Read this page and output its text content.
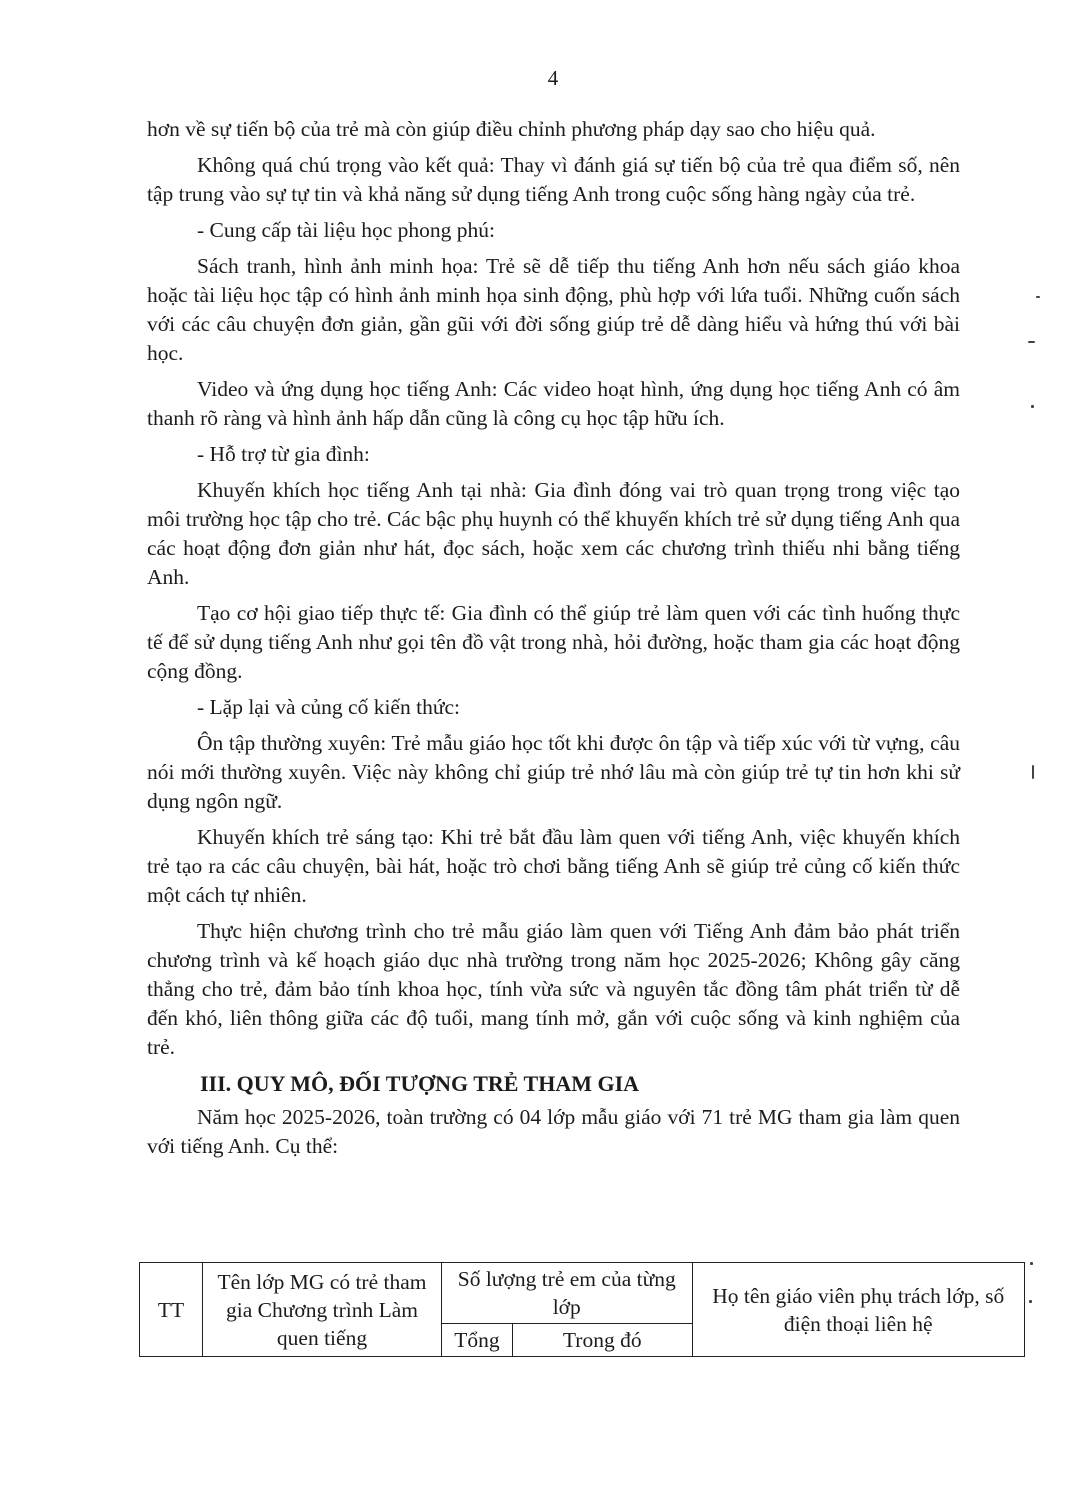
4

hơn về sự tiến bộ của trẻ mà còn giúp điều chỉnh phương pháp dạy sao cho hiệu quả.

Không quá chú trọng vào kết quả: Thay vì đánh giá sự tiến bộ của trẻ qua điểm số, nên tập trung vào sự tự tin và khả năng sử dụng tiếng Anh trong cuộc sống hàng ngày của trẻ.

- Cung cấp tài liệu học phong phú:

Sách tranh, hình ảnh minh họa: Trẻ sẽ dễ tiếp thu tiếng Anh hơn nếu sách giáo khoa hoặc tài liệu học tập có hình ảnh minh họa sinh động, phù hợp với lứa tuổi. Những cuốn sách với các câu chuyện đơn giản, gần gũi với đời sống giúp trẻ dễ dàng hiểu và hứng thú với bài học.

Video và ứng dụng học tiếng Anh: Các video hoạt hình, ứng dụng học tiếng Anh có âm thanh rõ ràng và hình ảnh hấp dẫn cũng là công cụ học tập hữu ích.

- Hỗ trợ từ gia đình:

Khuyến khích học tiếng Anh tại nhà: Gia đình đóng vai trò quan trọng trong việc tạo môi trường học tập cho trẻ. Các bậc phụ huynh có thể khuyến khích trẻ sử dụng tiếng Anh qua các hoạt động đơn giản như hát, đọc sách, hoặc xem các chương trình thiếu nhi bằng tiếng Anh.

Tạo cơ hội giao tiếp thực tế: Gia đình có thể giúp trẻ làm quen với các tình huống thực tế để sử dụng tiếng Anh như gọi tên đồ vật trong nhà, hỏi đường, hoặc tham gia các hoạt động cộng đồng.

- Lặp lại và củng cố kiến thức:

Ôn tập thường xuyên: Trẻ mẫu giáo học tốt khi được ôn tập và tiếp xúc với từ vựng, câu nói mới thường xuyên. Việc này không chỉ giúp trẻ nhớ lâu mà còn giúp trẻ tự tin hơn khi sử dụng ngôn ngữ.

Khuyến khích trẻ sáng tạo: Khi trẻ bắt đầu làm quen với tiếng Anh, việc khuyến khích trẻ tạo ra các câu chuyện, bài hát, hoặc trò chơi bằng tiếng Anh sẽ giúp trẻ củng cố kiến thức một cách tự nhiên.

Thực hiện chương trình cho trẻ mẫu giáo làm quen với Tiếng Anh đảm bảo phát triển chương trình và kế hoạch giáo dục nhà trường trong năm học 2025-2026; Không gây căng thẳng cho trẻ, đảm bảo tính khoa học, tính vừa sức và nguyên tắc đồng tâm phát triển từ dễ đến khó, liên thông giữa các độ tuổi, mang tính mở, gắn với cuộc sống và kinh nghiệm của trẻ.

III. QUY MÔ, ĐỐI TƯỢNG TRẺ THAM GIA

Năm học 2025-2026, toàn trường có 04 lớp mẫu giáo với 71 trẻ MG tham gia làm quen với tiếng Anh. Cụ thể:

TT	Tên lớp MG có trẻ tham gia Chương trình Làm quen tiếng	Số lượng trẻ em của từng lớp		Họ tên giáo viên phụ trách lớp, số điện thoại liên hệ
		Tổng	Trong đó	
